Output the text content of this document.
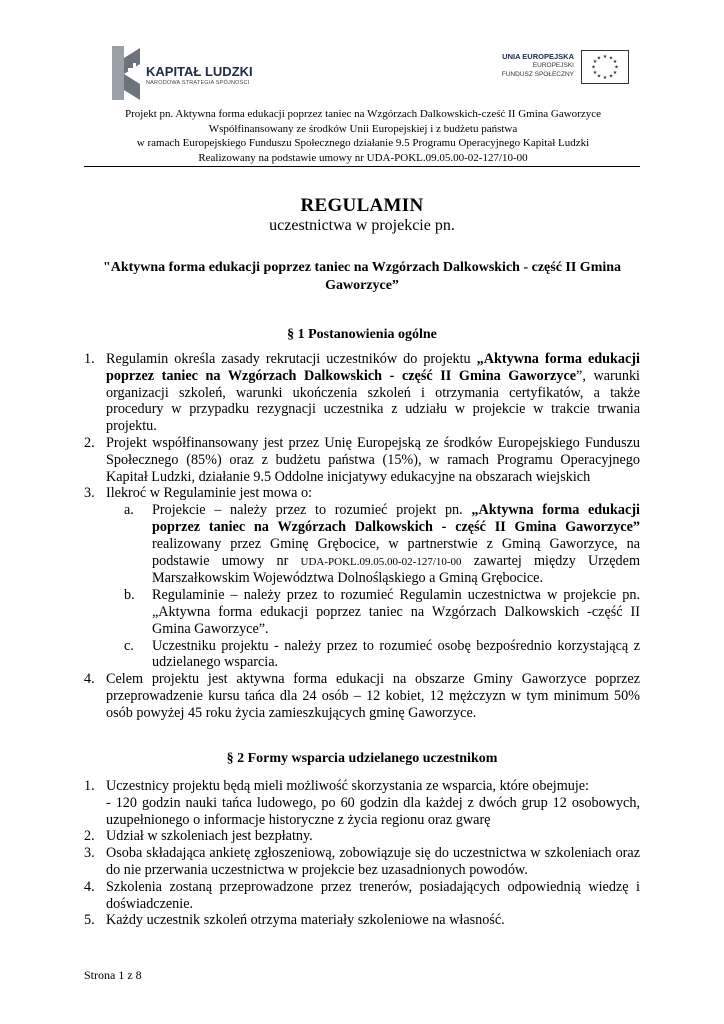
KAPITAŁ LUDZKI
NARODOWA STRATEGIA SPÓJNOŚCI
UNIA EUROPEJSKA
EUROPEJSKI
FUNDUSZ SPOŁECZNY
★ ★
★
★
★
★
★
★
★
★
★
★
Projekt pn. Aktywna forma edukacji poprzez taniec na Wzgórzach Dalkowskich-cześć II Gmina Gaworzyce
Współfinansowany ze środków Unii Europejskiej i z budżetu państwa
w ramach Europejskiego Funduszu Społecznego działanie 9.5 Programu Operacyjnego Kapitał Ludzki
Realizowany na podstawie umowy nr UDA-POKL.09.05.00-02-127/10-00
REGULAMIN
uczestnictwa w projekcie pn.
"Aktywna forma edukacji poprzez taniec na Wzgórzach Dalkowskich - część II Gmina Gaworzyce”
§ 1 Postanowienia ogólne
1. Regulamin określa zasady rekrutacji uczestników do projektu „Aktywna forma edukacji poprzez taniec na Wzgórzach Dalkowskich - część II Gmina Gaworzyce”, warunki organizacji szkoleń, warunki ukończenia szkoleń i otrzymania certyfikatów, a także procedury w przypadku rezygnacji uczestnika z udziału w projekcie w trakcie trwania projektu.
2. Projekt współfinansowany jest przez Unię Europejską ze środków Europejskiego Funduszu Społecznego (85%) oraz z budżetu państwa (15%), w ramach Programu Operacyjnego Kapitał Ludzki, działanie 9.5 Oddolne inicjatywy edukacyjne na obszarach wiejskich
3. Ilekroć w Regulaminie jest mowa o:
a. Projekcie – należy przez to rozumieć projekt pn. „Aktywna forma edukacji poprzez taniec na Wzgórzach Dalkowskich - część II Gmina Gaworzyce” realizowany przez Gminę Grębocice, w partnerstwie z Gminą Gaworzyce, na podstawie umowy nr UDA-POKL.09.05.00-02-127/10-00 zawartej między Urzędem Marszałkowskim Województwa Dolnośląskiego a Gminą Grębocice.
b. Regulaminie – należy przez to rozumieć Regulamin uczestnictwa w projekcie pn. „Aktywna forma edukacji poprzez taniec na Wzgórzach Dalkowskich -część II Gmina Gaworzyce”.
c. Uczestniku projektu - należy przez to rozumieć osobę bezpośrednio korzystającą z udzielanego wsparcia.
4. Celem projektu jest aktywna forma edukacji na obszarze Gminy Gaworzyce poprzez przeprowadzenie kursu tańca dla 24 osób – 12 kobiet, 12 mężczyzn w tym minimum 50% osób powyżej 45 roku życia zamieszkujących gminę Gaworzyce.
§ 2 Formy wsparcia udzielanego uczestnikom
1. Uczestnicy projektu będą mieli możliwość skorzystania ze wsparcia, które obejmuje:
- 120 godzin nauki tańca ludowego, po 60 godzin dla każdej z dwóch grup 12 osobowych, uzupełnionego o informacje historyczne z życia regionu oraz gwarę
2. Udział w szkoleniach jest bezpłatny.
3. Osoba składająca ankietę zgłoszeniową, zobowiązuje się do uczestnictwa w szkoleniach oraz do nie przerwania uczestnictwa w projekcie bez uzasadnionych powodów.
4. Szkolenia zostaną przeprowadzone przez trenerów, posiadających odpowiednią wiedzę i doświadczenie.
5. Każdy uczestnik szkoleń otrzyma materiały szkoleniowe na własność.
Strona 1 z 8
